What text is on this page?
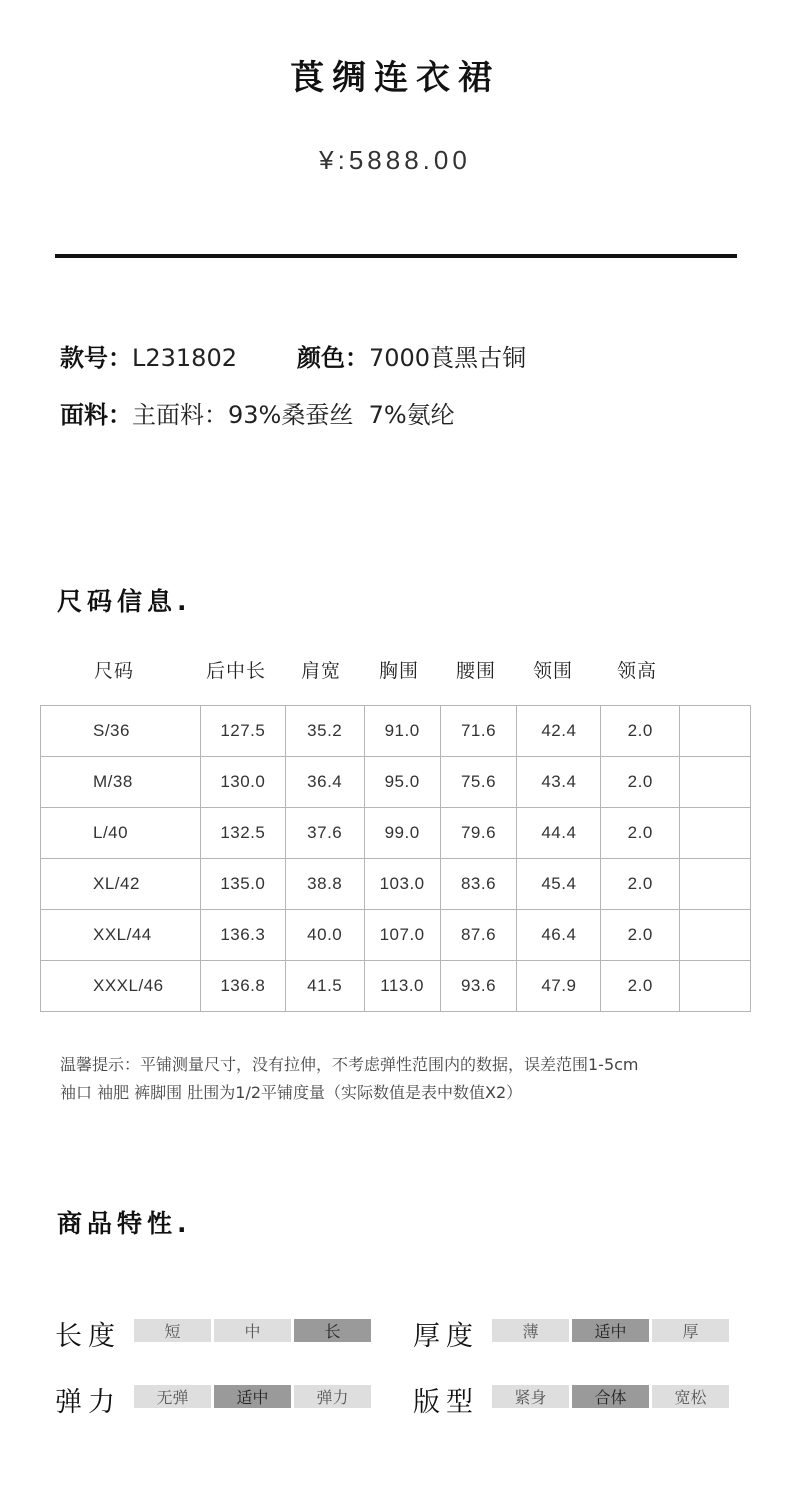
莨绸连衣裙
¥:5888.00
款号：L231802	颜色：7000莨黑古铜
面料：主面料：93%桑蚕丝  7%氨纶
尺码信息.
尺码	后中长 肩宽 胸围 腰围 领围 领高
S/36	127.5	35.2	91.0	71.6	42.4	2.0	
M/38	130.0	36.4	95.0	75.6	43.4	2.0	
L/40	132.5	37.6	99.0	79.6	44.4	2.0	
XL/42	135.0	38.8	103.0	83.6	45.4	2.0	
XXL/44	136.3	40.0	107.0	87.6	46.4	2.0	
XXXL/46	136.8	41.5	113.0	93.6	47.9	2.0	
温馨提示：平铺测量尺寸，没有拉伸，不考虑弹性范围内的数据，误差范围1-5cm
袖口 袖肥 裤脚围 肚围为1/2平铺度量（实际数值是表中数值X2）
商品特性.
长度	短	中	长	厚度	薄	适中	厚
弹力	无弹	适中	弹力	版型	紧身	合体	宽松
